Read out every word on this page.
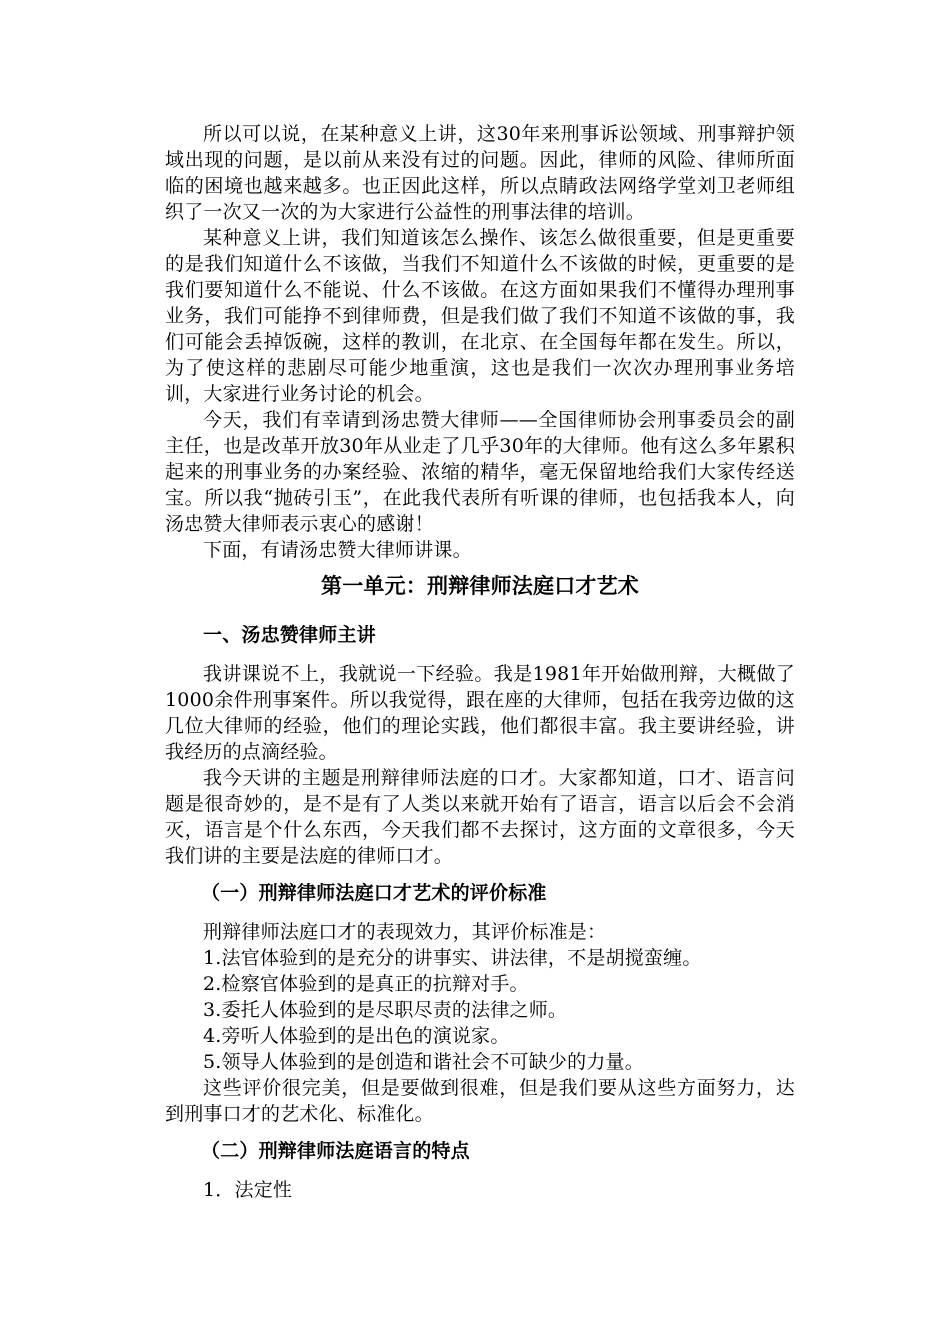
所以可以说，在某种意义上讲，这30年来刑事诉讼领域、刑事辩护领域出现的问题，是以前从来没有过的问题。因此，律师的风险、律师所面临的困境也越来越多。也正因此这样，所以点睛政法网络学堂刘卫老师组织了一次又一次的为大家进行公益性的刑事法律的培训。

某种意义上讲，我们知道该怎么操作、该怎么做很重要，但是更重要的是我们知道什么不该做，当我们不知道什么不该做的时候，更重要的是我们要知道什么不能说、什么不该做。在这方面如果我们不懂得办理刑事业务，我们可能挣不到律师费，但是我们做了我们不知道不该做的事，我们可能会丢掉饭碗，这样的教训，在北京、在全国每年都在发生。所以，为了使这样的悲剧尽可能少地重演，这也是我们一次次办理刑事业务培训，大家进行业务讨论的机会。

今天，我们有幸请到汤忠赞大律师——全国律师协会刑事委员会的副主任，也是改革开放30年从业走了几乎30年的大律师。他有这么多年累积起来的刑事业务的办案经验、浓缩的精华，毫无保留地给我们大家传经送宝。所以我“抛砖引玉”，在此我代表所有听课的律师，也包括我本人，向汤忠赞大律师表示衷心的感谢！

下面，有请汤忠赞大律师讲课。

第一单元：刑辩律师法庭口才艺术
一、汤忠赞律师主讲

我讲课说不上，我就说一下经验。我是1981年开始做刑辩，大概做了1000余件刑事案件。所以我觉得，跟在座的大律师，包括在我旁边做的这几位大律师的经验，他们的理论实践，他们都很丰富。我主要讲经验，讲我经历的点滴经验。

我今天讲的主题是刑辩律师法庭的口才。大家都知道，口才、语言问题是很奇妙的，是不是有了人类以来就开始有了语言，语言以后会不会消灭，语言是个什么东西，今天我们都不去探讨，这方面的文章很多，今天我们讲的主要是法庭的律师口才。

（一）刑辩律师法庭口才艺术的评价标准

刑辩律师法庭口才的表现效力，其评价标准是：

1.法官体验到的是充分的讲事实、讲法律，不是胡搅蛮缠。

2.检察官体验到的是真正的抗辩对手。

3.委托人体验到的是尽职尽责的法律之师。

4.旁听人体验到的是出色的演说家。

5.领导人体验到的是创造和谐社会不可缺少的力量。

这些评价很完美，但是要做到很难，但是我们要从这些方面努力，达到刑事口才的艺术化、标准化。

（二）刑辩律师法庭语言的特点

1．法定性
